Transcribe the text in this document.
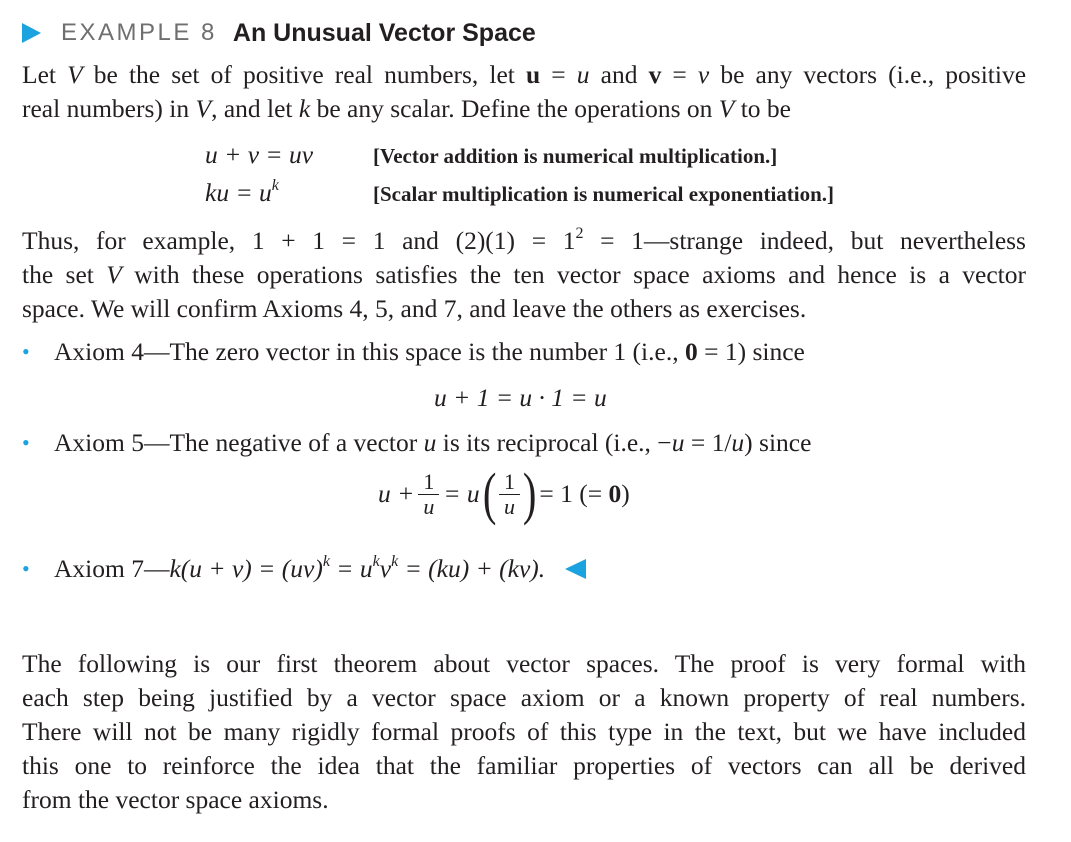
EXAMPLE 8 An Unusual Vector Space
Let V be the set of positive real numbers, let u = u and v = v be any vectors (i.e., positive
real numbers) in V, and let k be any scalar. Define the operations on V to be
u + v = uv	[Vector addition is numerical multiplication.]
ku = $u^k$	[Scalar multiplication is numerical exponentiation.]
Thus, for example, 1 + 1 = 1 and $(2)(1) = 1^2$ = 1—strange indeed, but nevertheless
the set V with these operations satisfies the ten vector space axioms and hence is a vector
space. We will confirm Axioms 4, 5, and 7, and leave the others as exercises.
• Axiom 4—The zero vector in this space is the number 1 (i.e., 0 = 1) since
u + 1 = u · 1 = u
• Axiom 5—The negative of a vector u is its reciprocal (i.e., −u = 1/u) since
$u + \frac{1}{u} = u$ ( $\frac{1}{u}$ ) = 1 (= 0)
• Axiom 7—k(u + $v) = (uv)^k = u^kv^k = (ku) + (kv)$.
The following is our first theorem about vector spaces. The proof is very formal with
each step being justified by a vector space axiom or a known property of real numbers.
There will not be many rigidly formal proofs of this type in the text, but we have included
this one to reinforce the idea that the familiar properties of vectors can all be derived
from the vector space axioms.
